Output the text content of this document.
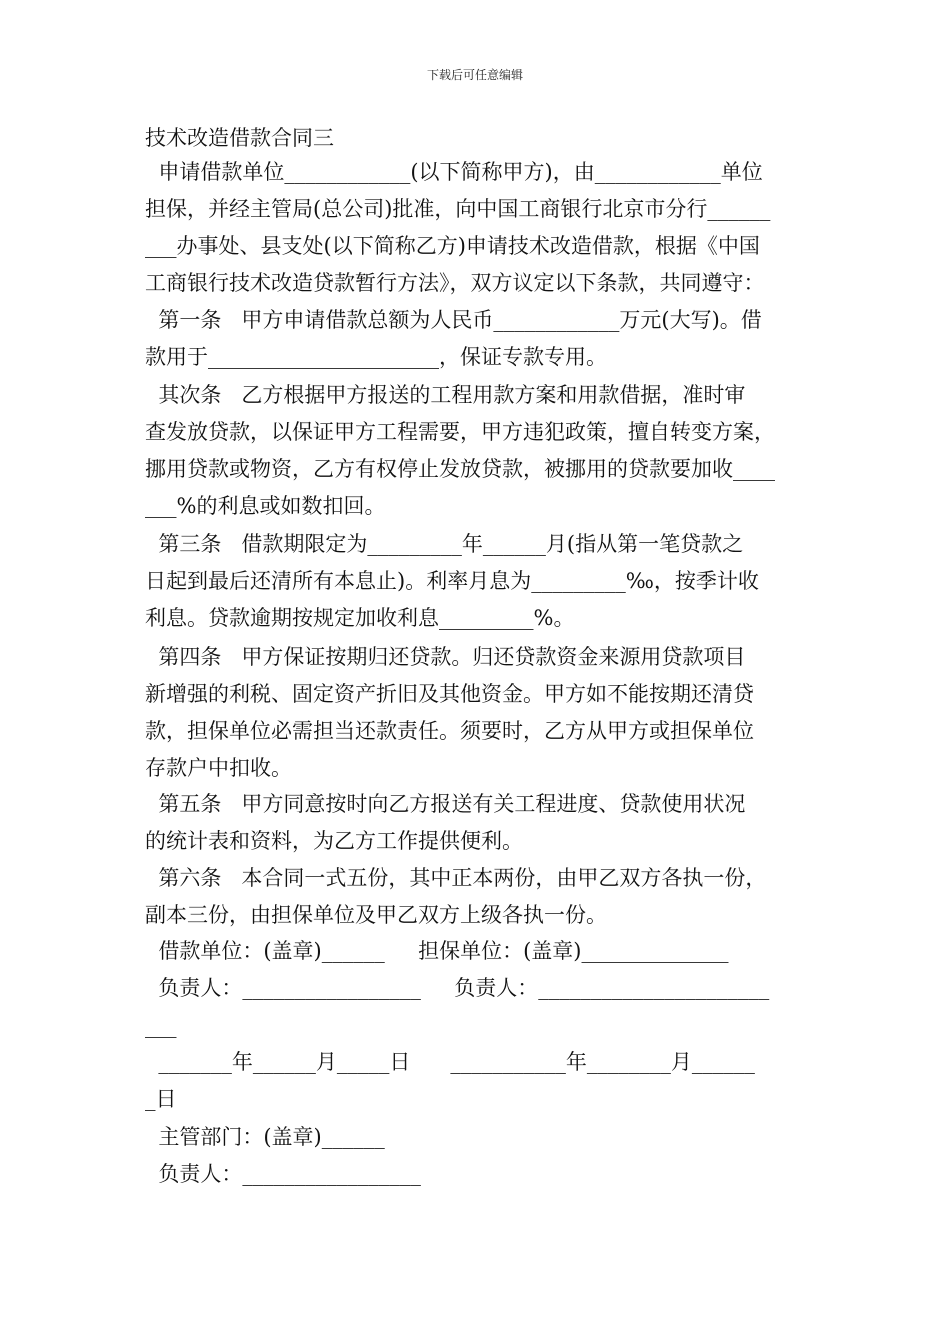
下载后可任意编辑
技术改造借款合同三
申请借款单位____________(以下简称甲方)，由____________单位
担保，并经主管局(总公司)批准，向中国工商银行北京市分行______
___办事处、县支处(以下简称乙方)申请技术改造借款，根据《中国
工商银行技术改造贷款暂行方法》，双方议定以下条款，共同遵守：
第一条   甲方申请借款总额为人民币____________万元(大写)。借
款用于______________________，保证专款专用。
其次条   乙方根据甲方报送的工程用款方案和用款借据，准时审
查发放贷款，以保证甲方工程需要，甲方违犯政策，擅自转变方案，
挪用贷款或物资，乙方有权停止发放贷款，被挪用的贷款要加收____
___%的利息或如数扣回。
第三条   借款期限定为_________年______月(指从第一笔贷款之
日起到最后还清所有本息止)。利率月息为_________‰，按季计收
利息。贷款逾期按规定加收利息_________%。
第四条   甲方保证按期归还贷款。归还贷款资金来源用贷款项目
新增强的利税、固定资产折旧及其他资金。甲方如不能按期还清贷
款，担保单位必需担当还款责任。须要时，乙方从甲方或担保单位
存款户中扣收。
第五条   甲方同意按时向乙方报送有关工程进度、贷款使用状况
的统计表和资料，为乙方工作提供便利。
第六条   本合同一式五份，其中正本两份，由甲乙双方各执一份，
副本三份，由担保单位及甲乙双方上级各执一份。
借款单位：(盖章)______     担保单位：(盖章)______________
负责人：_________________     负责人：______________________
___
_______年______月_____日      ___________年________月______
_日
主管部门：(盖章)______
负责人：_________________
